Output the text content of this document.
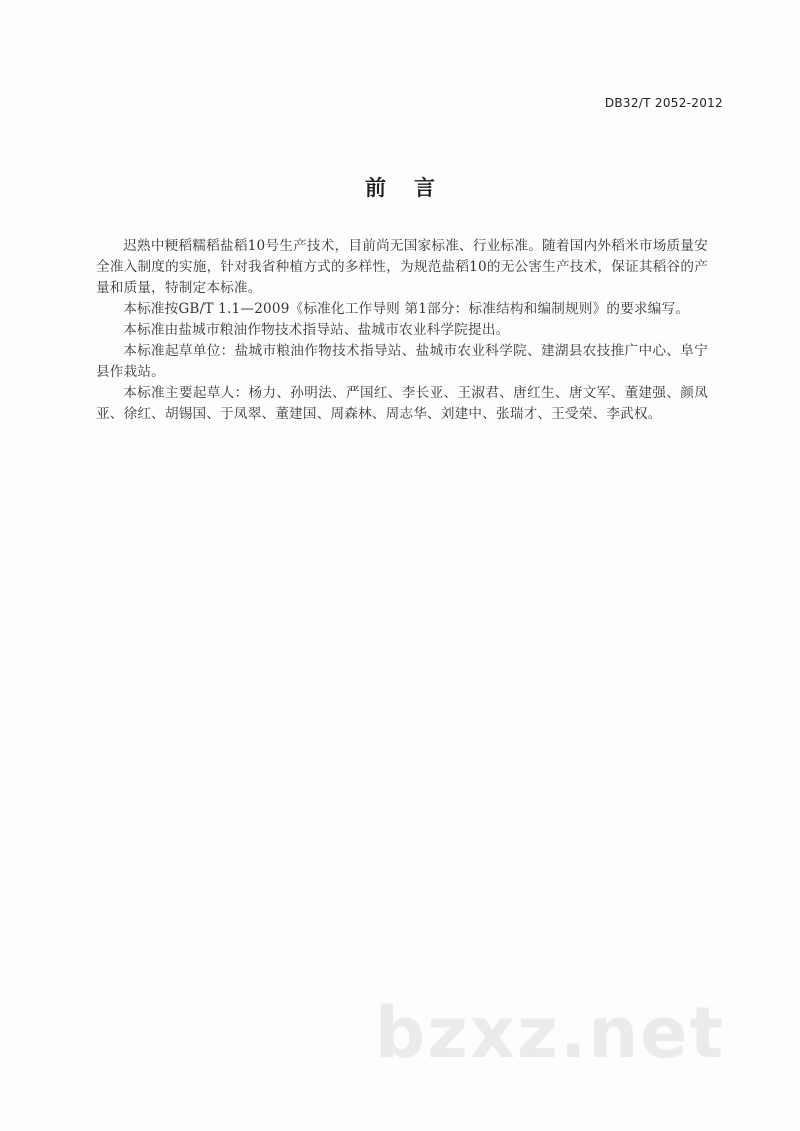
DB32/T 2052-2012
前 言

迟熟中粳稻糯稻盐稻10号生产技术，目前尚无国家标准、行业标准。随着国内外稻米市场质量安全准入制度的实施，针对我省种植方式的多样性，为规范盐稻10的无公害生产技术，保证其稻谷的产量和质量，特制定本标准。

本标准按GB/T 1.1—2009《标准化工作导则 第1部分：标准结构和编制规则》的要求编写。

本标准由盐城市粮油作物技术指导站、盐城市农业科学院提出。

本标准起草单位：盐城市粮油作物技术指导站、盐城市农业科学院、建湖县农技推广中心、阜宁县作栽站。

本标准主要起草人：杨力、孙明法、严国红、李长亚、王淑君、唐红生、唐文军、董建强、颜凤亚、徐红、胡锡国、于凤翠、董建国、周森林、周志华、刘建中、张瑞才、王受荣、李武权。

bzxz.net
